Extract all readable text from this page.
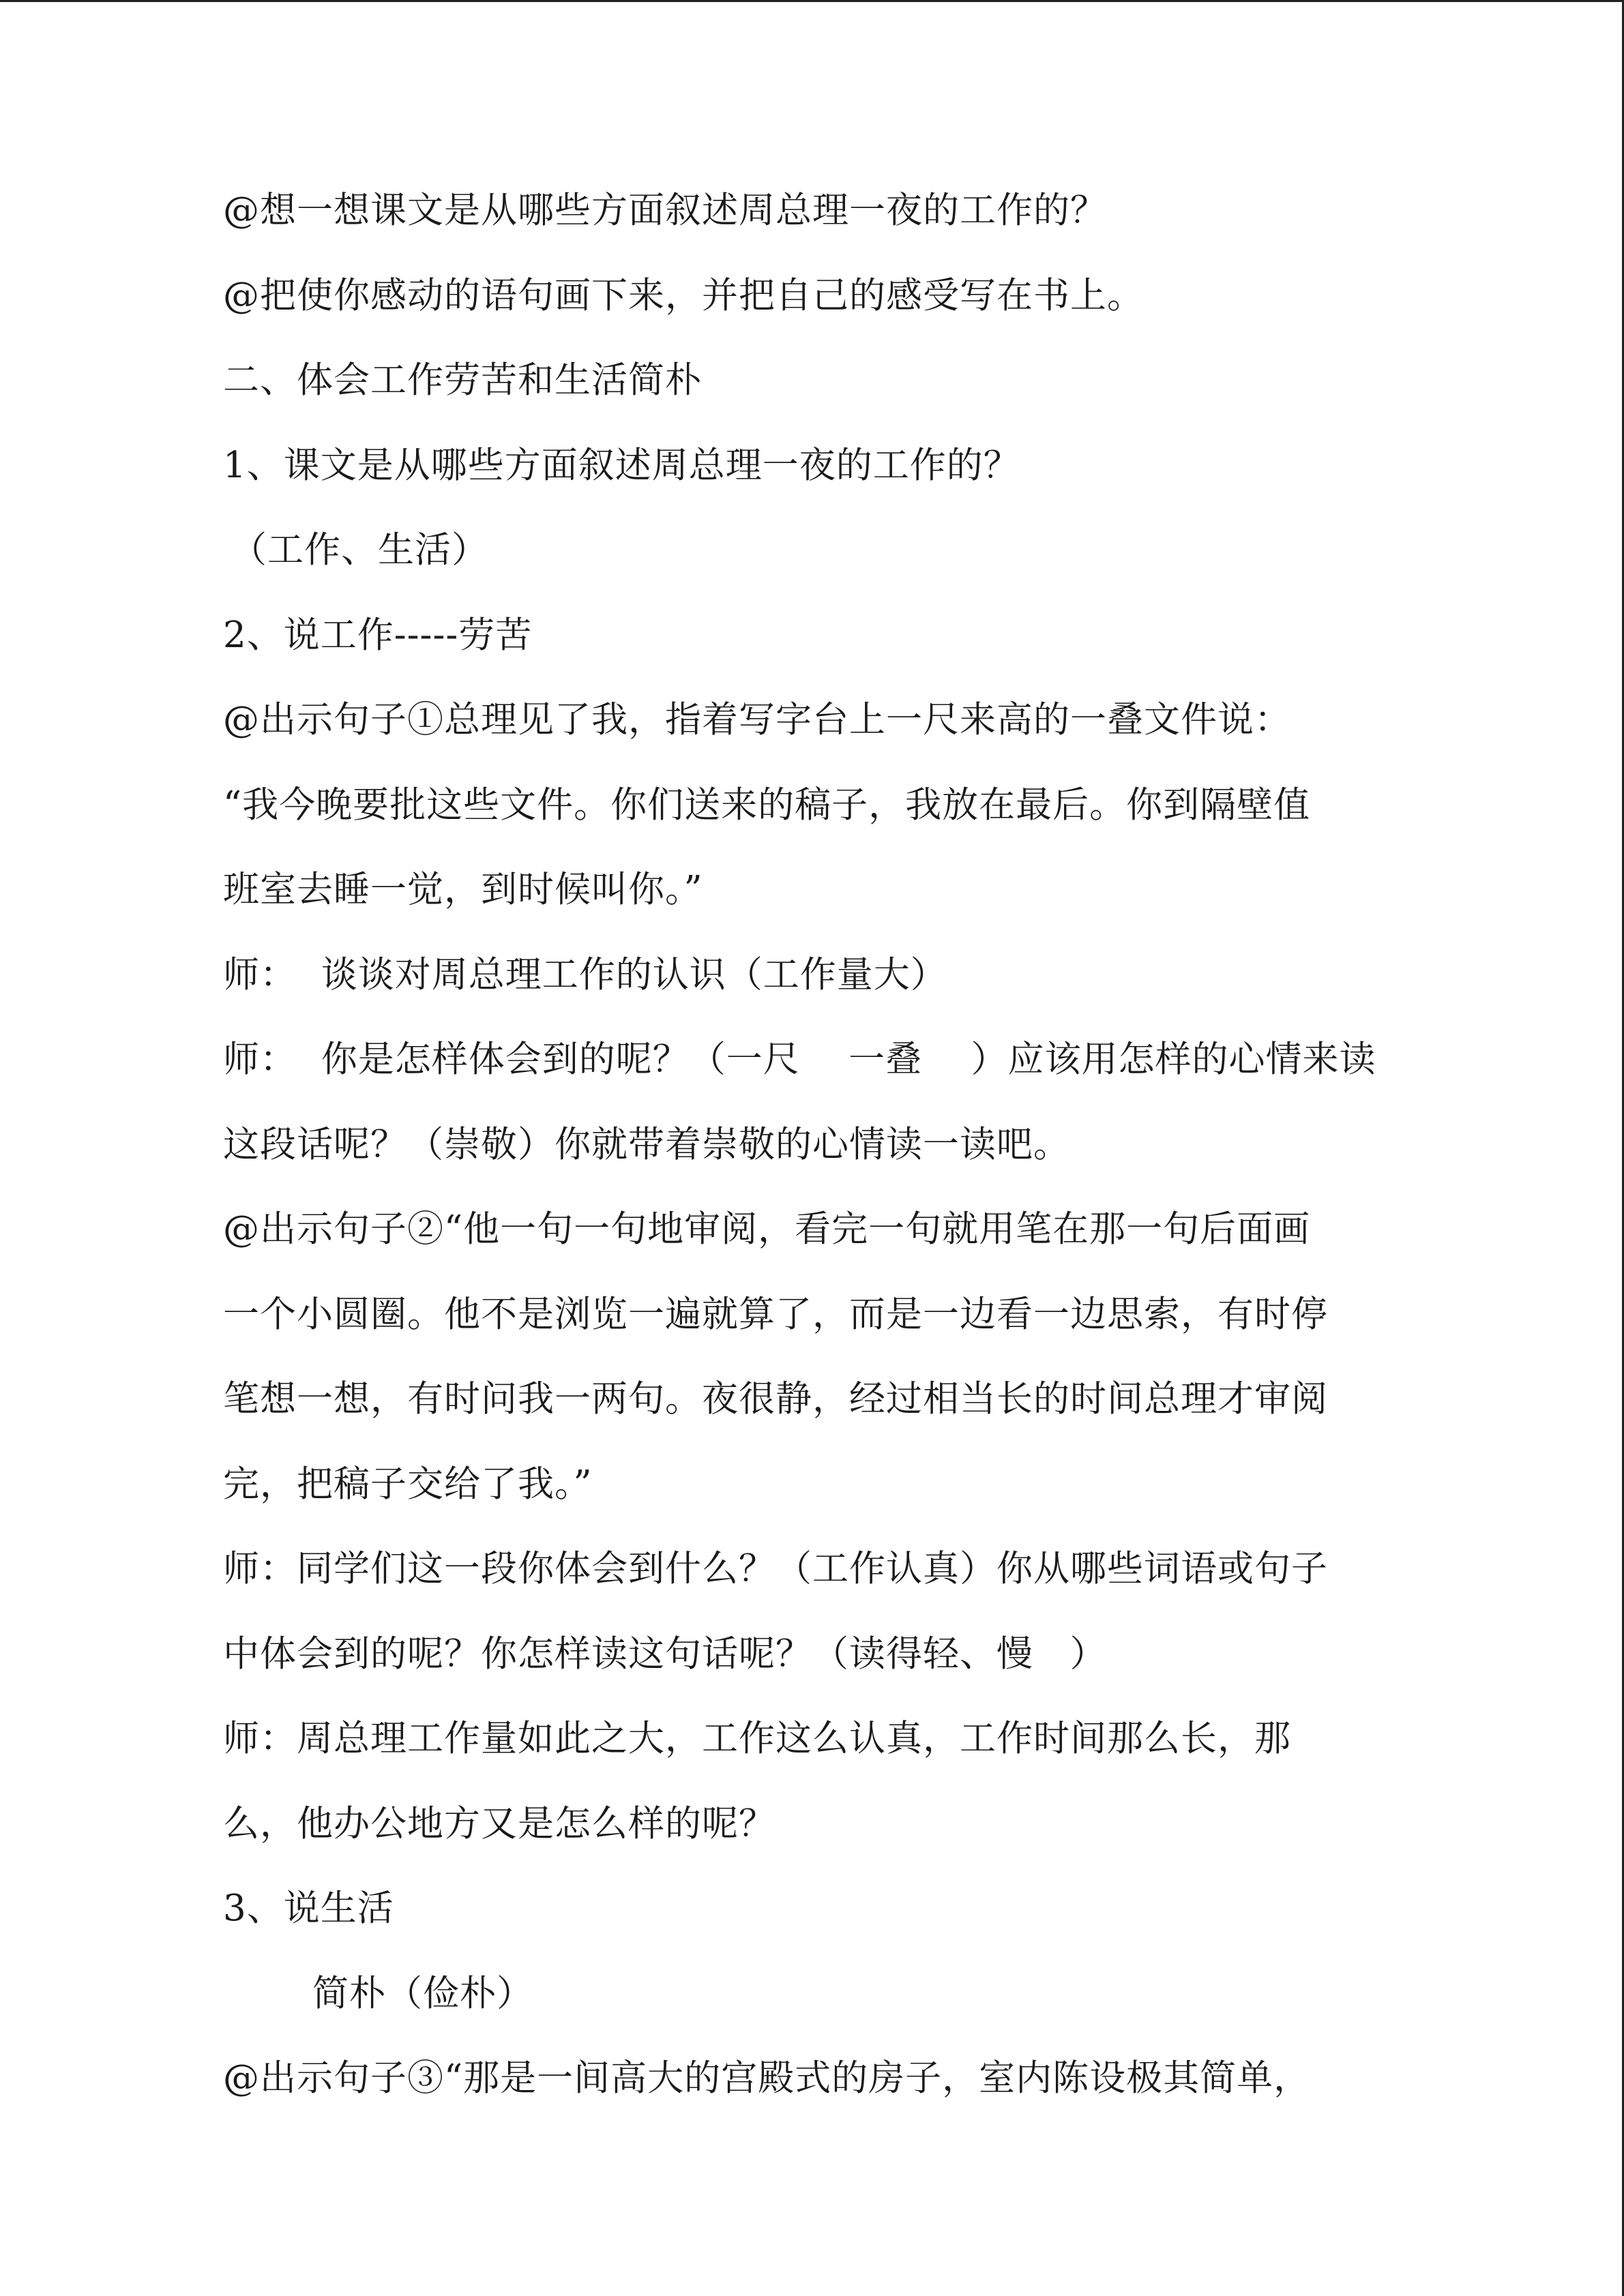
@想一想课文是从哪些方面叙述周总理一夜的工作的？
@把使你感动的语句画下来，并把自己的感受写在书上。
二、体会工作劳苦和生活简朴
1、课文是从哪些方面叙述周总理一夜的工作的？
（工作、生活）
2、说工作-----劳苦
@出示句子①总理见了我，指着写字台上一尺来高的一叠文件说：
“我今晚要批这些文件。你们送来的稿子，我放在最后。你到隔壁值
班室去睡一觉，到时候叫你。”
师：  谈谈对周总理工作的认识（工作量大）
师：  你是怎样体会到的呢？（一尺    一叠    ）应该用怎样的心情来读
这段话呢？（崇敬）你就带着崇敬的心情读一读吧。
@出示句子②“他一句一句地审阅，看完一句就用笔在那一句后面画
一个小圆圈。他不是浏览一遍就算了，而是一边看一边思索，有时停
笔想一想，有时问我一两句。夜很静，经过相当长的时间总理才审阅
完，把稿子交给了我。”
师：同学们这一段你体会到什么？（工作认真）你从哪些词语或句子
中体会到的呢？你怎样读这句话呢？（读得轻、慢   ）
师：周总理工作量如此之大，工作这么认真，工作时间那么长，那
么，他办公地方又是怎么样的呢？
3、说生活
简朴（俭朴）
@出示句子③“那是一间高大的宫殿式的房子，室内陈设极其简单，
